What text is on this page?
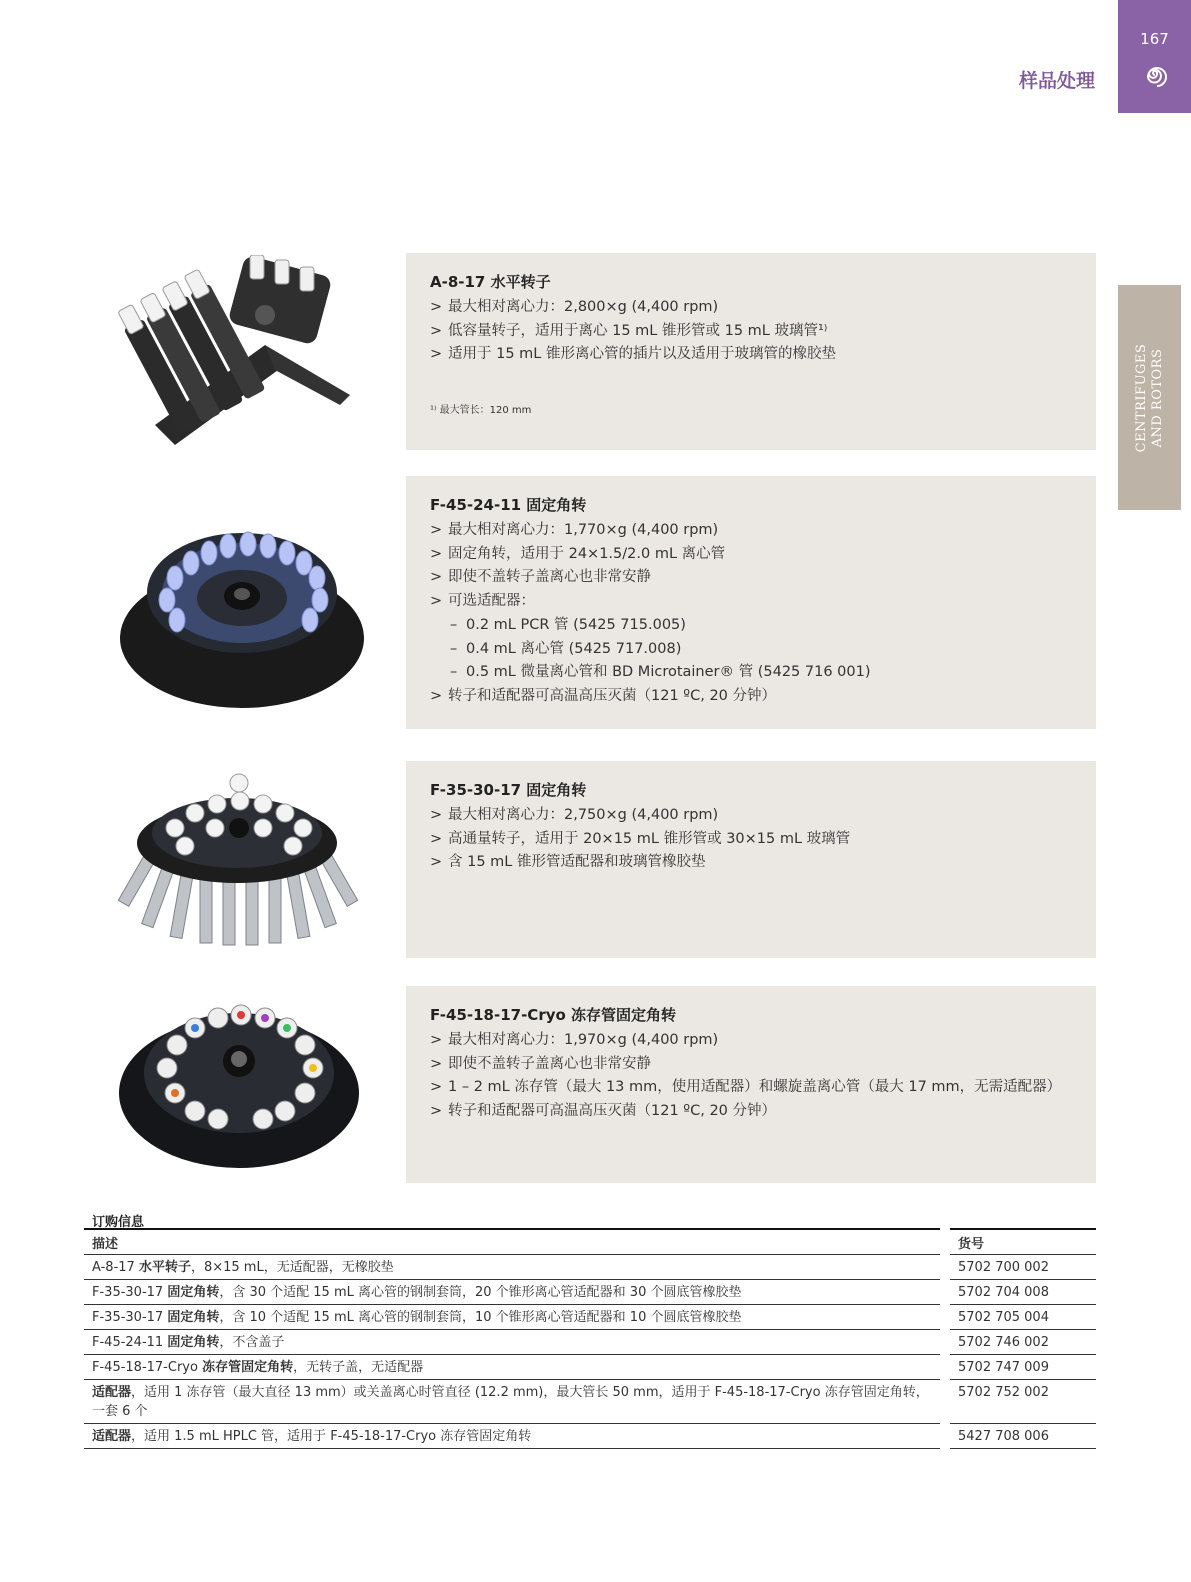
样品处理
167
CENTRIFUGES AND ROTORS
A-8-17 水平转子
> 最大相对离心力：2,800×g (4,400 rpm)
> 低容量转子，适用于离心 15 mL 锥形管或 15 mL 玻璃管¹⁾
> 适用于 15 mL 锥形离心管的插片以及适用于玻璃管的橡胶垫
¹⁾ 最大管长：120 mm
F-45-24-11 固定角转
> 最大相对离心力：1,770×g (4,400 rpm)
> 固定角转，适用于 24×1.5/2.0 mL 离心管
> 即使不盖转子盖离心也非常安静
> 可选适配器：
– 0.2 mL PCR 管 (5425 715.005)
– 0.4 mL 离心管 (5425 717.008)
– 0.5 mL 微量离心管和 BD Microtainer® 管 (5425 716 001)
> 转子和适配器可高温高压灭菌（121 ºC, 20 分钟）
F-35-30-17 固定角转
> 最大相对离心力：2,750×g (4,400 rpm)
> 高通量转子，适用于 20×15 mL 锥形管或 30×15 mL 玻璃管
> 含 15 mL 锥形管适配器和玻璃管橡胶垫
F-45-18-17-Cryo 冻存管固定角转
> 最大相对离心力：1,970×g (4,400 rpm)
> 即使不盖转子盖离心也非常安静
> 1 – 2 mL 冻存管（最大 13 mm，使用适配器）和螺旋盖离心管（最大 17 mm，无需适配器）
> 转子和适配器可高温高压灭菌（121 ºC, 20 分钟）
订购信息
描述	货号
A-8-17 水平转子，8×15 mL，无适配器，无橡胶垫	5702 700 002
F-35-30-17 固定角转，含 30 个适配 15 mL 离心管的钢制套筒，20 个锥形离心管适配器和 30 个圆底管橡胶垫	5702 704 008
F-35-30-17 固定角转，含 10 个适配 15 mL 离心管的钢制套筒，10 个锥形离心管适配器和 10 个圆底管橡胶垫	5702 705 004
F-45-24-11 固定角转，不含盖子	5702 746 002
F-45-18-17-Cryo 冻存管固定角转，无转子盖，无适配器	5702 747 009
适配器，适用 1 冻存管（最大直径 13 mm）或关盖离心时管直径 (12.2 mm)，最大管长 50 mm，适用于 F-45-18-17-Cryo 冻存管固定角转，一套 6 个	5702 752 002
适配器，适用 1.5 mL HPLC 管，适用于 F-45-18-17-Cryo 冻存管固定角转	5427 708 006
